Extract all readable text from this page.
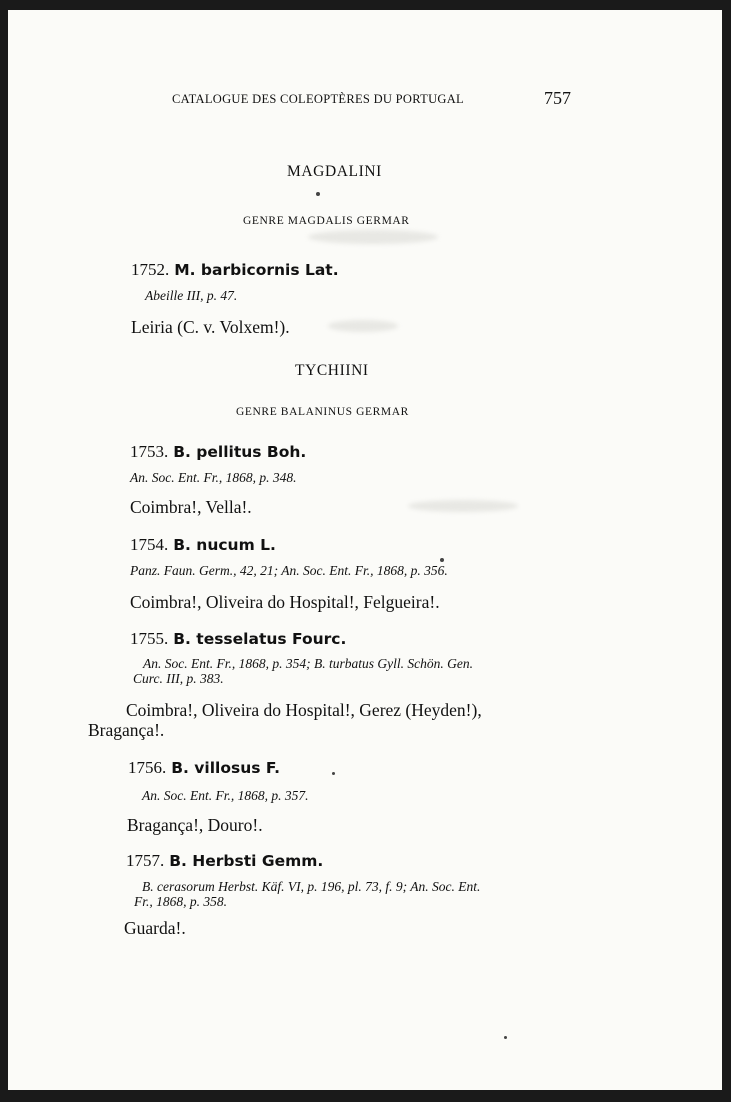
CATALOGUE DES COLEOPTÈRES DU PORTUGAL	757
MAGDALINI
GENRE MAGDALIS GERMAR
1752. M. barbicornis Lat.
Abeille III, p. 47.
Leiria (C. v. Volxem!).
TYCHIINI
GENRE BALANINUS GERMAR
1753. B. pellitus Boh.
An. Soc. Ent. Fr., 1868, p. 348.
Coimbra!, Vella!.
1754. B. nucum L.
Panz. Faun. Germ., 42, 21; An. Soc. Ent. Fr., 1868, p. 356.
Coimbra!, Oliveira do Hospital!, Felgueira!.
1755. B. tesselatus Fourc.
An. Soc. Ent. Fr., 1868, p. 354; B. turbatus Gyll. Schön. Gen. Curc. III, p. 383.
Coimbra!, Oliveira do Hospital!, Gerez (Heyden!), Bragança!.
1756. B. villosus F.
An. Soc. Ent. Fr., 1868, p. 357.
Bragança!, Douro!.
1757. B. Herbsti Gemm.
B. cerasorum Herbst. Käf. VI, p. 196, pl. 73, f. 9; An. Soc. Ent. Fr., 1868, p. 358.
Guarda!.
